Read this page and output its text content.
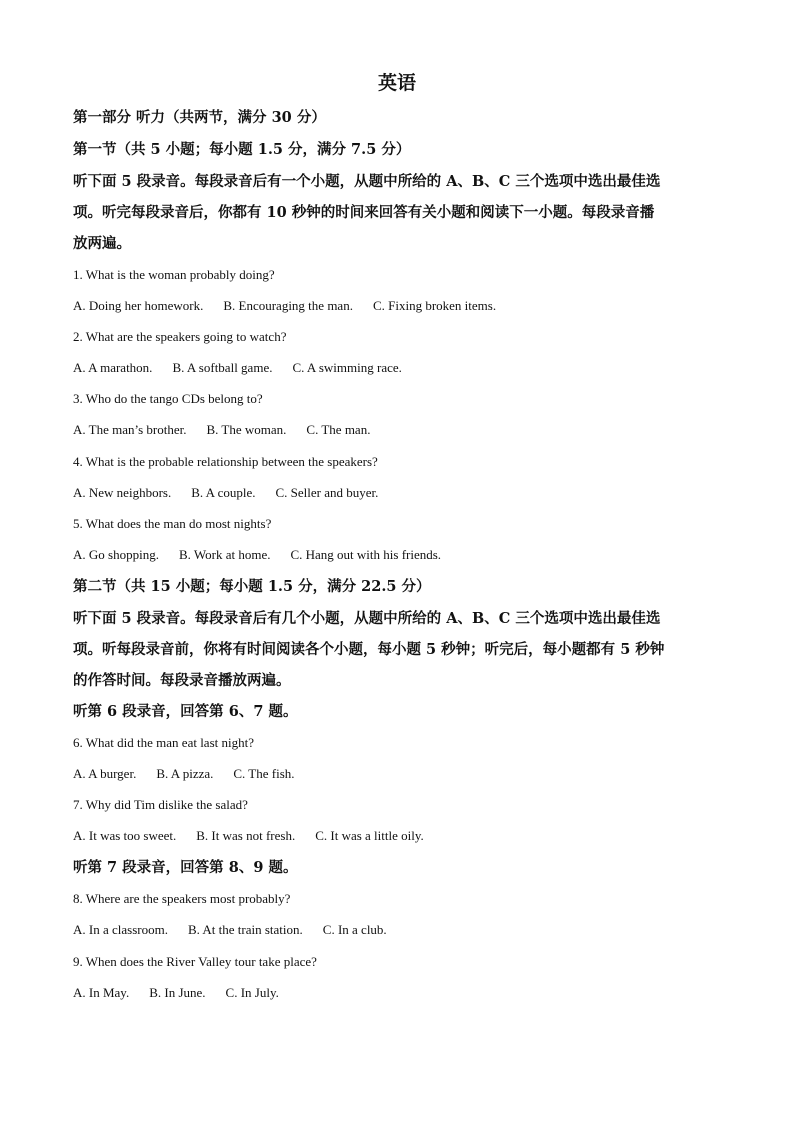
英语
第一部分 听力（共两节，满分 30 分）
第一节（共 5 小题；每小题 1.5 分，满分 7.5 分）
听下面 5 段录音。每段录音后有一个小题，从题中所给的 A、B、C 三个选项中选出最佳选
项。听完每段录音后，你都有 10 秒钟的时间来回答有关小题和阅读下一小题。每段录音播
放两遍。
1. What is the woman probably doing?
A. Doing her homework. B. Encouraging the man. C. Fixing broken items.
2. What are the speakers going to watch?
A. A marathon. B. A softball game. C. A swimming race.
3. Who do the tango CDs belong to?
A. The man’s brother. B. The woman. C. The man.
4. What is the probable relationship between the speakers?
A. New neighbors. B. A couple. C. Seller and buyer.
5. What does the man do most nights?
A. Go shopping. B. Work at home. C. Hang out with his friends.
第二节（共 15 小题；每小题 1.5 分，满分 22.5 分）
听下面 5 段录音。每段录音后有几个小题，从题中所给的 A、B、C 三个选项中选出最佳选
项。听每段录音前，你将有时间阅读各个小题，每小题 5 秒钟；听完后，每小题都有 5 秒钟
的作答时间。每段录音播放两遍。
听第 6 段录音，回答第 6、7 题。
6. What did the man eat last night?
A. A burger. B. A pizza. C. The fish.
7. Why did Tim dislike the salad?
A. It was too sweet. B. It was not fresh. C. It was a little oily.
听第 7 段录音，回答第 8、9 题。
8. Where are the speakers most probably?
A. In a classroom. B. At the train station. C. In a club.
9. When does the River Valley tour take place?
A. In May. B. In June. C. In July.
